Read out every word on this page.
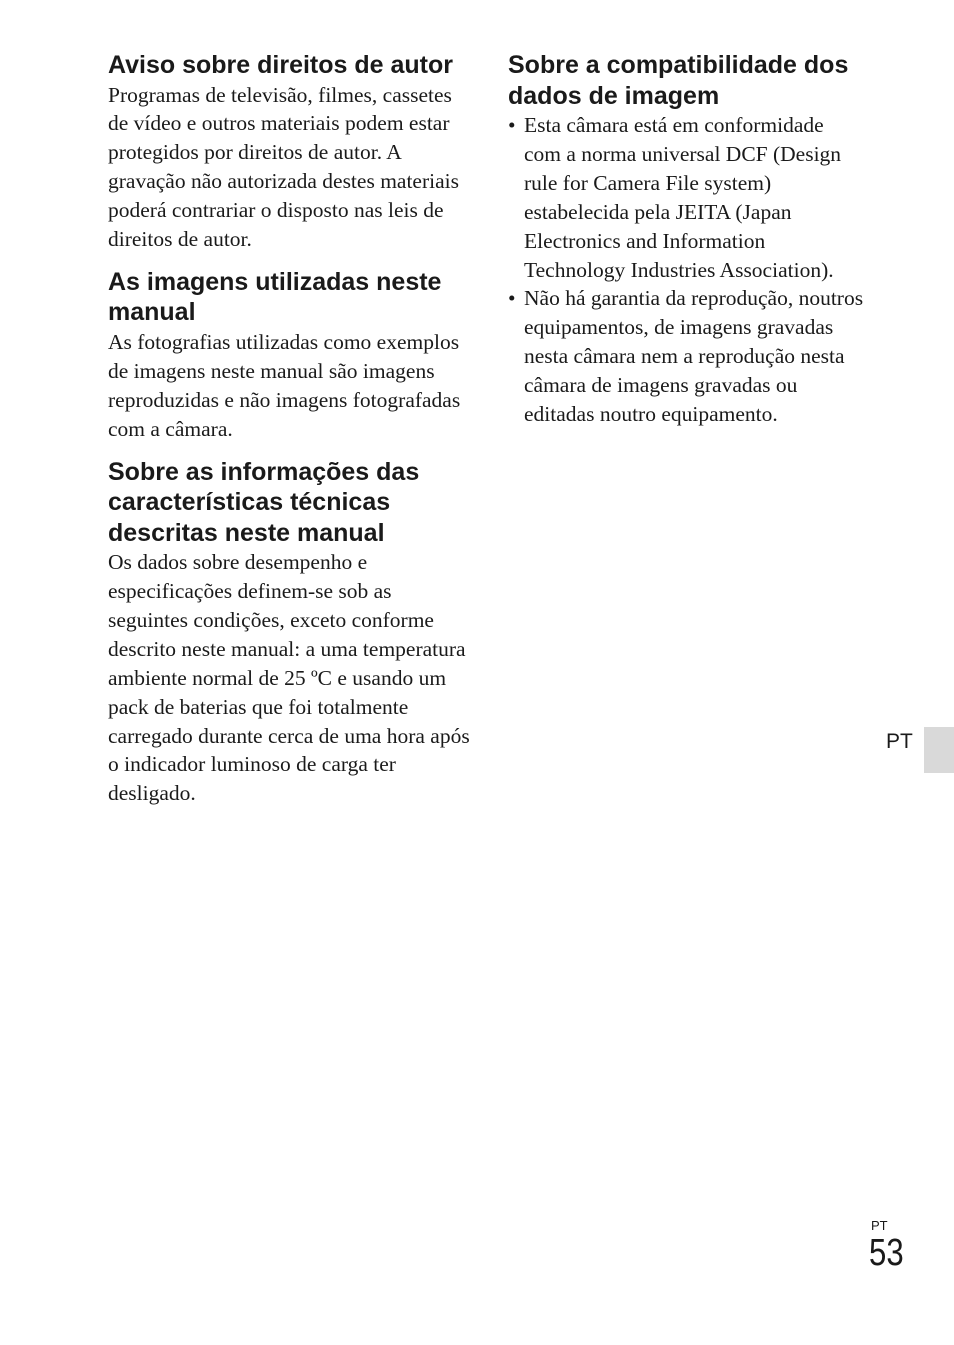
Aviso sobre direitos de autor

Programas de televisão, filmes, cassetes de vídeo e outros materiais podem estar protegidos por direitos de autor. A gravação não autorizada destes materiais poderá contrariar o disposto nas leis de direitos de autor.

As imagens utilizadas neste manual

As fotografias utilizadas como exemplos de imagens neste manual são imagens reproduzidas e não imagens fotografadas com a câmara.

Sobre as informações das características técnicas descritas neste manual

Os dados sobre desempenho e especificações definem-se sob as seguintes condições, exceto conforme descrito neste manual: a uma temperatura ambiente normal de 25 ºC e usando um pack de baterias que foi totalmente carregado durante cerca de uma hora após o indicador luminoso de carga ter desligado.

Sobre a compatibilidade dos dados de imagem
• Esta câmara está em conformidade com a norma universal DCF (Design rule for Camera File system) estabelecida pela JEITA (Japan Electronics and Information Technology Industries Association).
• Não há garantia da reprodução, noutros equipamentos, de imagens gravadas nesta câmara nem a reprodução nesta câmara de imagens gravadas ou editadas noutro equipamento.
PT
PT
53
